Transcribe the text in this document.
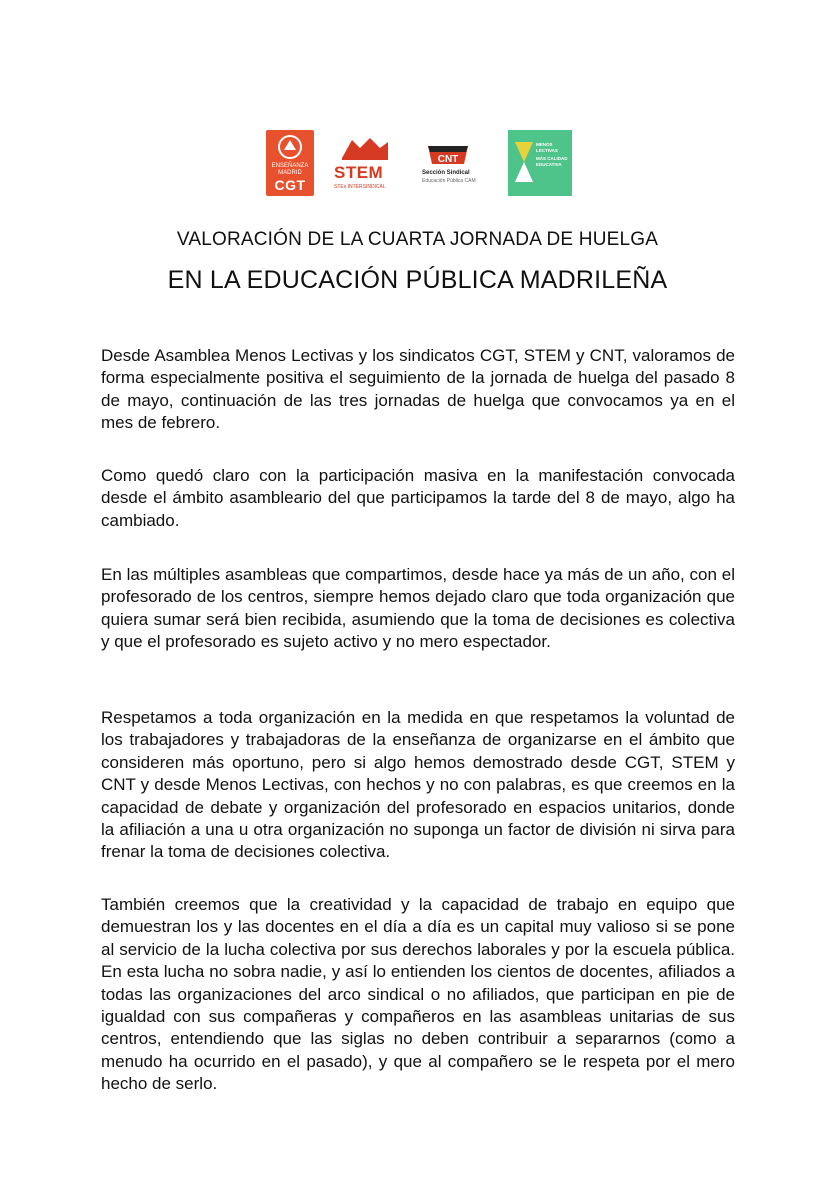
ENSEÑANZA
MADRID
CGT
STEM
STEs INTERSINDICAL
CNT
Sección Sindical
Educación Pública CAM
MENOS LECTIVAS
MÁS CALIDAD EDUCATIVA
VALORACIÓN DE LA CUARTA JORNADA DE HUELGA
EN LA EDUCACIÓN PÚBLICA MADRILEÑA

Desde Asamblea Menos Lectivas y los sindicatos CGT, STEM y CNT, valoramos de forma especialmente positiva el seguimiento de la jornada de huelga del pasado 8 de mayo, continuación de las tres jornadas de huelga que convocamos ya en el mes de febrero.

Como quedó claro con la participación masiva en la manifestación convocada desde el ámbito asambleario del que participamos la tarde del 8 de mayo, algo ha cambiado.

En las múltiples asambleas que compartimos, desde hace ya más de un año, con el profesorado de los centros, siempre hemos dejado claro que toda organización que quiera sumar será bien recibida, asumiendo que la toma de decisiones es colectiva y que el profesorado es sujeto activo y no mero espectador.

Respetamos a toda organización en la medida en que respetamos la voluntad de los trabajadores y trabajadoras de la enseñanza de organizarse en el ámbito que consideren más oportuno, pero si algo hemos demostrado desde CGT, STEM y CNT y desde Menos Lectivas, con hechos y no con palabras, es que creemos en la capacidad de debate y organización del profesorado en espacios unitarios, donde la afiliación a una u otra organización no suponga un factor de división ni sirva para frenar la toma de decisiones colectiva.

También creemos que la creatividad y la capacidad de trabajo en equipo que demuestran los y las docentes en el día a día es un capital muy valioso si se pone al servicio de la lucha colectiva por sus derechos laborales y por la escuela pública. En esta lucha no sobra nadie, y así lo entienden los cientos de docentes, afiliados a todas las organizaciones del arco sindical o no afiliados, que participan en pie de igualdad con sus compañeras y compañeros en las asambleas unitarias de sus centros, entendiendo que las siglas no deben contribuir a separarnos (como a menudo ha ocurrido en el pasado), y que al compañero se le respeta por el mero hecho de serlo.
